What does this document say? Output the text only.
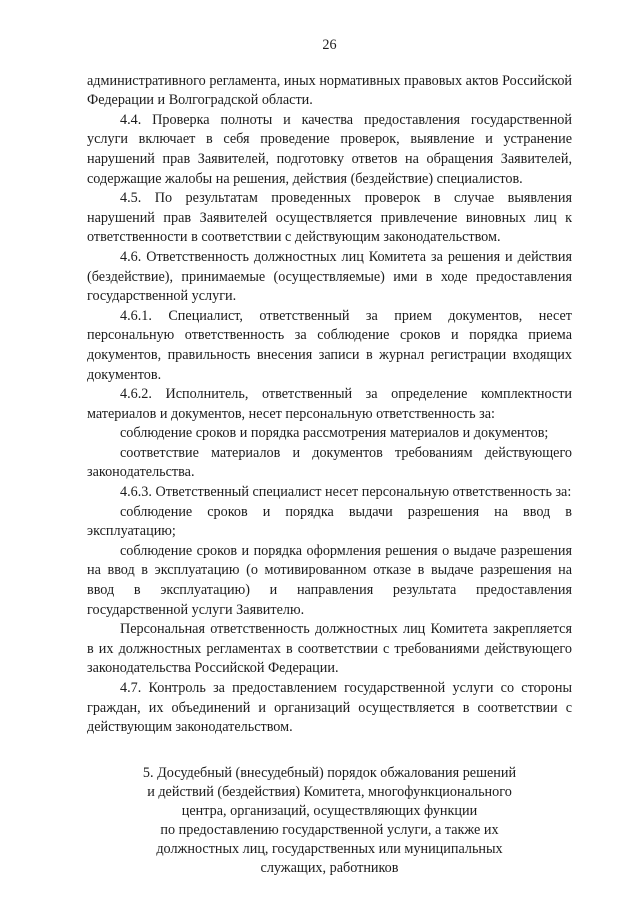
26

административного регламента, иных нормативных правовых актов Российской Федерации и Волгоградской области.

4.4. Проверка полноты и качества предоставления государственной услуги включает в себя проведение проверок, выявление и устранение нарушений прав Заявителей, подготовку ответов на обращения Заявителей, содержащие жалобы на решения, действия (бездействие) специалистов.

4.5. По результатам проведенных проверок в случае выявления нарушений прав Заявителей осуществляется привлечение виновных лиц к ответственности в соответствии с действующим законодательством.

4.6. Ответственность должностных лиц Комитета за решения и действия (бездействие), принимаемые (осуществляемые) ими в ходе предоставления государственной услуги.

4.6.1. Специалист, ответственный за прием документов, несет персональную ответственность за соблюдение сроков и порядка приема документов, правильность внесения записи в журнал регистрации входящих документов.

4.6.2. Исполнитель, ответственный за определение комплектности материалов и документов, несет персональную ответственность за:

соблюдение сроков и порядка рассмотрения материалов и документов;

соответствие материалов и документов требованиям действующего законодательства.

4.6.3. Ответственный специалист несет персональную ответственность за:

соблюдение сроков и порядка выдачи разрешения на ввод в эксплуатацию;

соблюдение сроков и порядка оформления решения о выдаче разрешения на ввод в эксплуатацию (о мотивированном отказе в выдаче разрешения на ввод в эксплуатацию) и направления результата предоставления государственной услуги Заявителю.

Персональная ответственность должностных лиц Комитета закрепляется в их должностных регламентах в соответствии с требованиями действующего законодательства Российской Федерации.

4.7. Контроль за предоставлением государственной услуги со стороны граждан, их объединений и организаций осуществляется в соответствии с действующим законодательством.

5. Досудебный (внесудебный) порядок обжалования решений
и действий (бездействия) Комитета, многофункционального
центра, организаций, осуществляющих функции
по предоставлению государственной услуги, а также их
должностных лиц, государственных или муниципальных
служащих, работников
